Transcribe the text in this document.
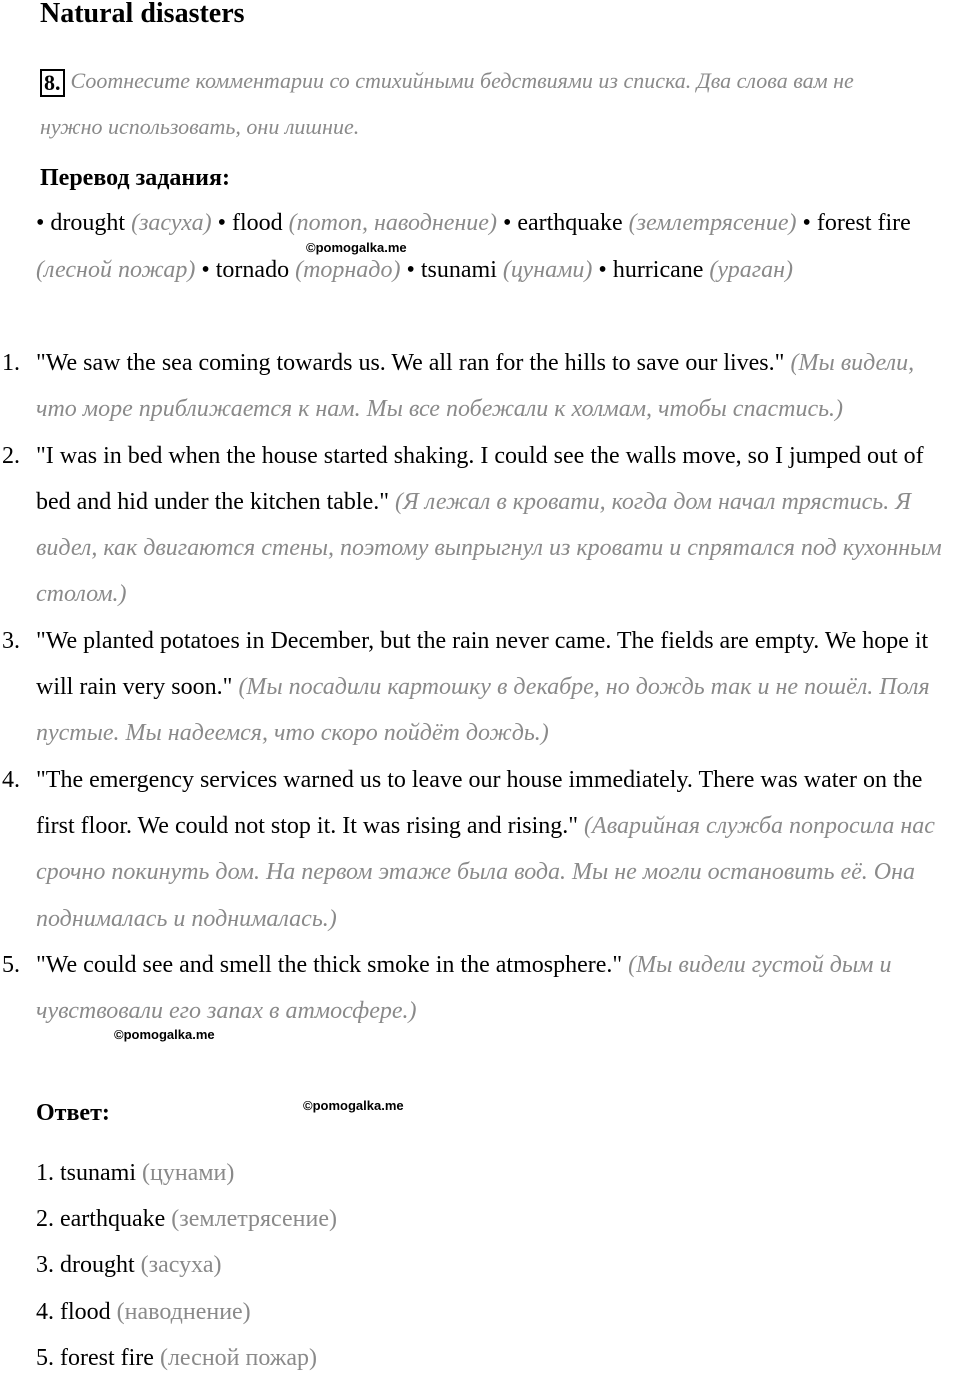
Natural disasters
8. Соотнесите комментарии со стихийными бедствиями из списка. Два слова вам не нужно использовать, они лишние.
Перевод задания:
• drought (засуха) • flood (потоп, наводнение) • earthquake (землетрясение) • forest fire (лесной пожар) • tornado (торнадо) • tsunami (цунами) • hurricane (ураган)
1. "We saw the sea coming towards us. We all ran for the hills to save our lives." (Мы видели, что море приближается к нам. Мы все побежали к холмам, чтобы спастись.)
2. "I was in bed when the house started shaking. I could see the walls move, so I jumped out of bed and hid under the kitchen table." (Я лежал в кровати, когда дом начал трястись. Я видел, как двигаются стены, поэтому выпрыгнул из кровати и спрятался под кухонным столом.)
3. "We planted potatoes in December, but the rain never came. The fields are empty. We hope it will rain very soon." (Мы посадили картошку в декабре, но дождь так и не пошёл. Поля пустые. Мы надеемся, что скоро пойдёт дождь.)
4. "The emergency services warned us to leave our house immediately. There was water on the first floor. We could not stop it. It was rising and rising." (Аварийная служба попросила нас срочно покинуть дом. На первом этаже была вода. Мы не могли остановить её. Она поднималась и поднималась.)
5. "We could see and smell the thick smoke in the atmosphere." (Мы видели густой дым и чувствовали его запах в атмосфере.)
Ответ:
1. tsunami (цунами)
2. earthquake (землетрясение)
3. drought (засуха)
4. flood (наводнение)
5. forest fire (лесной пожар)
©pomogalka.me
©pomogalka.me
©pomogalka.me
